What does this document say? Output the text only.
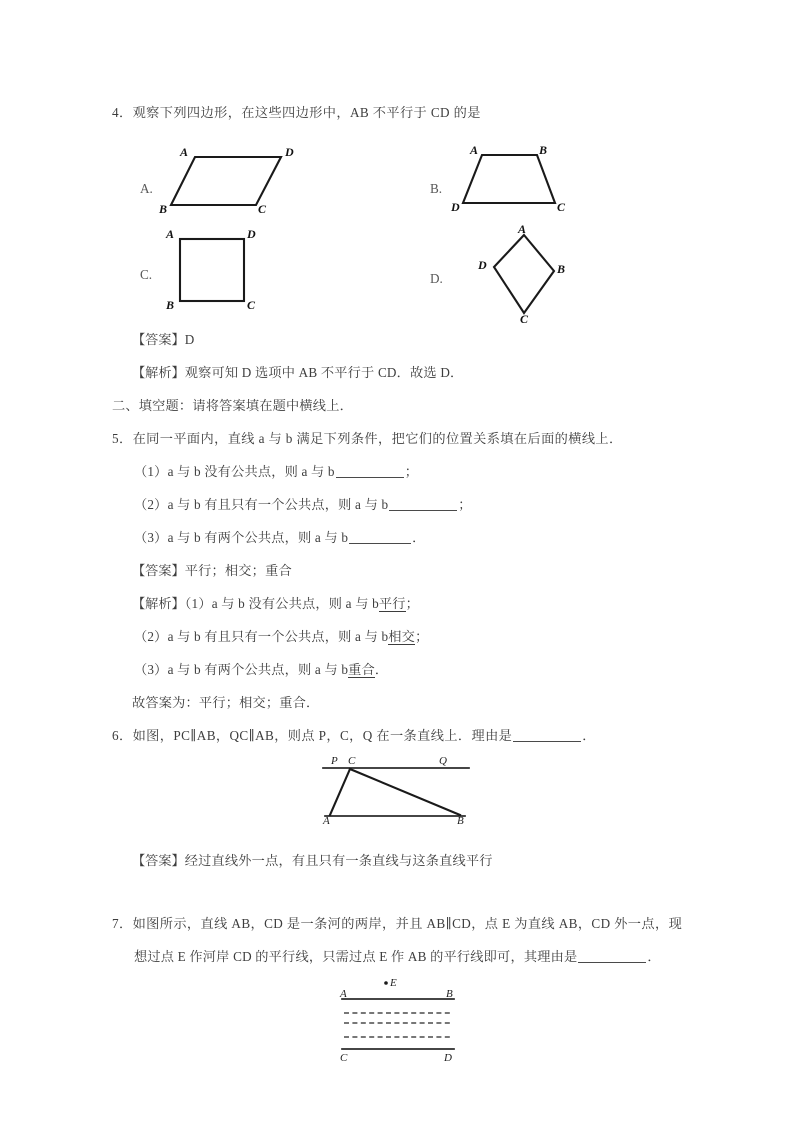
4．观察下列四边形，在这些四边形中，AB 不平行于 CD 的是
A.
A	D
B	C
B.
A	B
D	C
C.
A	D
B	C
D.
A
D	B
C
【答案】D
【解析】观察可知 D 选项中 AB 不平行于 CD．故选 D．
二、填空题：请将答案填在题中横线上．
5．在同一平面内，直线 a 与 b 满足下列条件，把它们的位置关系填在后面的横线上．
（1）a 与 b 没有公共点，则 a 与 b	；
（2）a 与 b 有且只有一个公共点，则 a 与 b	；
（3）a 与 b 有两个公共点，则 a 与 b	．
【答案】平行；相交；重合
【解析】（1）a 与 b 没有公共点，则 a 与 b平行；
（2）a 与 b 有且只有一个公共点，则 a 与 b相交；
（3）a 与 b 有两个公共点，则 a 与 b重合．
故答案为：平行；相交；重合．
6．如图，PC∥AB，QC∥AB，则点 P，C，Q 在一条直线上．理由是	．
P C	Q
A	B
【答案】经过直线外一点，有且只有一条直线与这条直线平行
7．如图所示，直线 AB，CD 是一条河的两岸，并且 AB∥CD，点 E 为直线 AB，CD 外一点，现
想过点 E 作河岸 CD 的平行线，只需过点 E 作 AB 的平行线即可，其理由是	．
E
A	B
C	D
